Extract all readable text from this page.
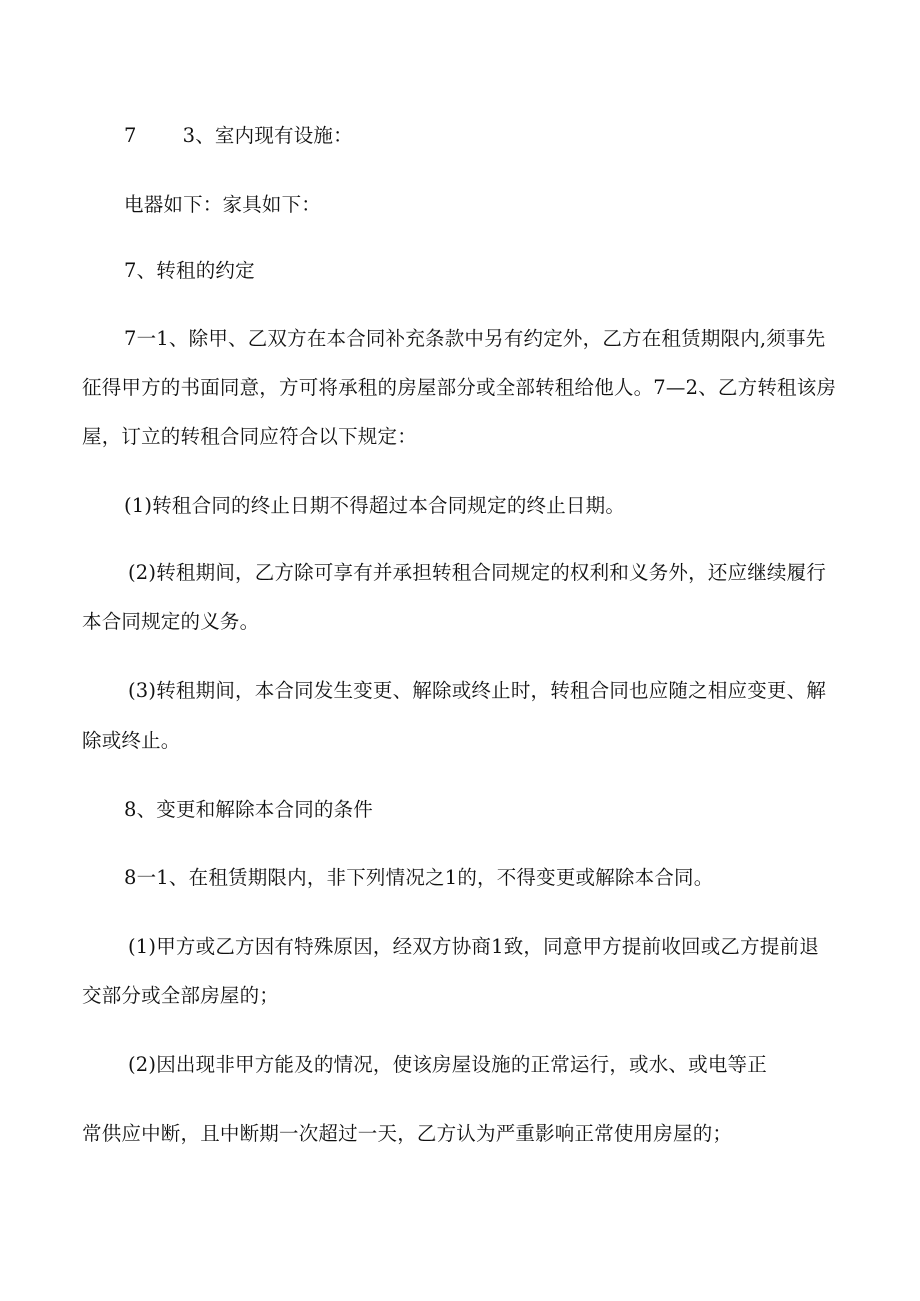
7 3、室内现有设施：
电器如下：家具如下：
7、转租的约定
7一1、除甲、乙双方在本合同补充条款中另有约定外，乙方在租赁期限内,须事先
征得甲方的书面同意，方可将承租的房屋部分或全部转租给他人。7—2、乙方转租该房
屋，订立的转租合同应符合以下规定：
(1)转租合同的终止日期不得超过本合同规定的终止日期。
(2)转租期间，乙方除可享有并承担转租合同规定的权利和义务外，还应继续履行
本合同规定的义务。
(3)转租期间，本合同发生变更、解除或终止时，转租合同也应随之相应变更、解
除或终止。
8、变更和解除本合同的条件
8一1、在租赁期限内，非下列情况之1的，不得变更或解除本合同。
(1)甲方或乙方因有特殊原因，经双方协商1致，同意甲方提前收回或乙方提前退
交部分或全部房屋的；
(2)因出现非甲方能及的情况，使该房屋设施的正常运行，或水、或电等正
常供应中断，且中断期一次超过一天，乙方认为严重影响正常使用房屋的；
